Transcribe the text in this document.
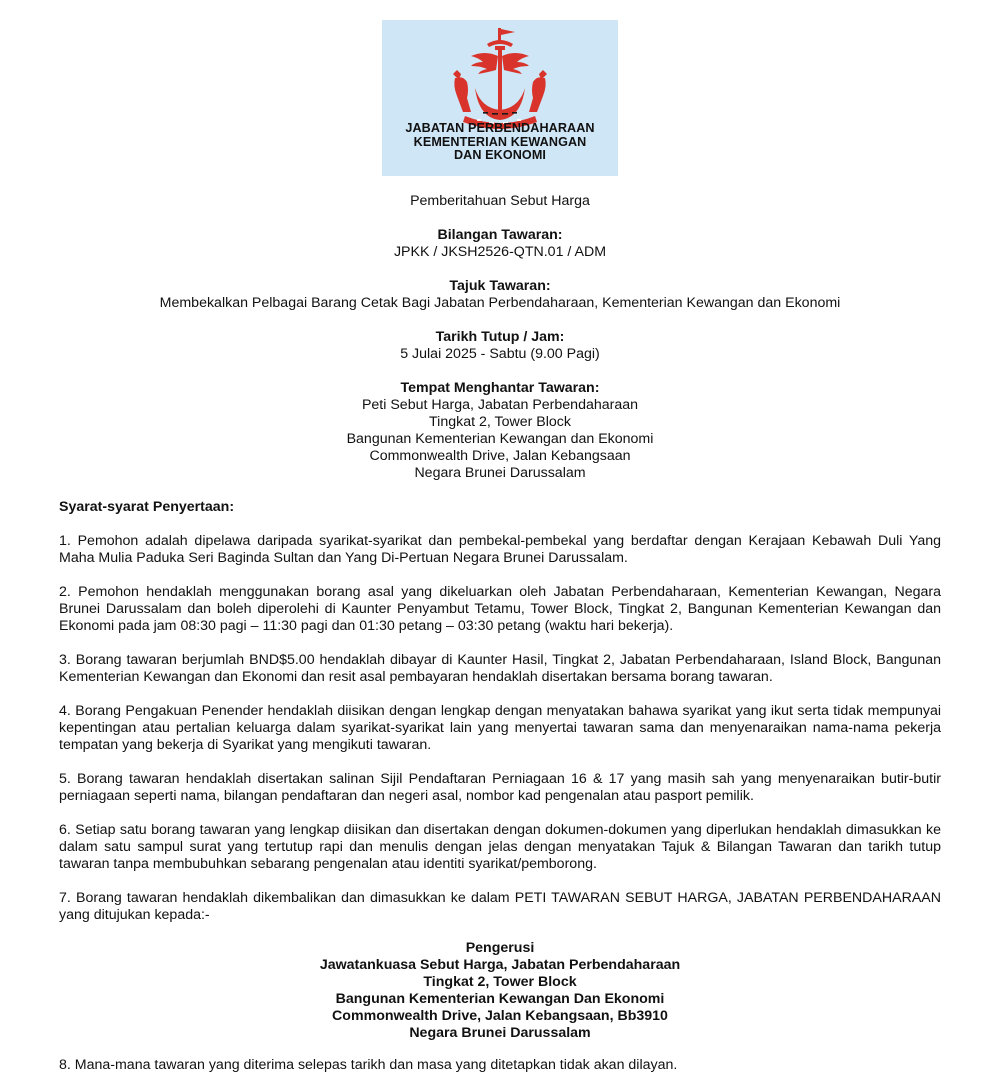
JABATAN PERBENDAHARAAN
KEMENTERIAN KEWANGAN
DAN EKONOMI
Pemberitahuan Sebut Harga
Bilangan Tawaran:
JPKK / JKSH2526-QTN.01 / ADM
Tajuk Tawaran:
Membekalkan Pelbagai Barang Cetak Bagi Jabatan Perbendaharaan, Kementerian Kewangan dan Ekonomi
Tarikh Tutup / Jam:
5 Julai 2025 - Sabtu (9.00 Pagi)
Tempat Menghantar Tawaran:
Peti Sebut Harga, Jabatan Perbendaharaan
Tingkat 2, Tower Block
Bangunan Kementerian Kewangan dan Ekonomi
Commonwealth Drive, Jalan Kebangsaan
Negara Brunei Darussalam
Syarat-syarat Penyertaan:
1. Pemohon adalah dipelawa daripada syarikat-syarikat dan pembekal-pembekal yang berdaftar dengan Kerajaan Kebawah Duli Yang Maha Mulia Paduka Seri Baginda Sultan dan Yang Di-Pertuan Negara Brunei Darussalam.
2. Pemohon hendaklah menggunakan borang asal yang dikeluarkan oleh Jabatan Perbendaharaan, Kementerian Kewangan, Negara Brunei Darussalam dan boleh diperolehi di Kaunter Penyambut Tetamu, Tower Block, Tingkat 2, Bangunan Kementerian Kewangan dan Ekonomi pada jam 08:30 pagi – 11:30 pagi dan 01:30 petang – 03:30 petang (waktu hari bekerja).
3. Borang tawaran berjumlah BND$5.00 hendaklah dibayar di Kaunter Hasil, Tingkat 2, Jabatan Perbendaharaan, Island Block, Bangunan Kementerian Kewangan dan Ekonomi dan resit asal pembayaran hendaklah disertakan bersama borang tawaran.
4. Borang Pengakuan Penender hendaklah diisikan dengan lengkap dengan menyatakan bahawa syarikat yang ikut serta tidak mempunyai kepentingan atau pertalian keluarga dalam syarikat-syarikat lain yang menyertai tawaran sama dan menyenaraikan nama-nama pekerja tempatan yang bekerja di Syarikat yang mengikuti tawaran.
5. Borang tawaran hendaklah disertakan salinan Sijil Pendaftaran Perniagaan 16 & 17 yang masih sah yang menyenaraikan butir-butir perniagaan seperti nama, bilangan pendaftaran dan negeri asal, nombor kad pengenalan atau pasport pemilik.
6. Setiap satu borang tawaran yang lengkap diisikan dan disertakan dengan dokumen-dokumen yang diperlukan hendaklah dimasukkan ke dalam satu sampul surat yang tertutup rapi dan menulis dengan jelas dengan menyatakan Tajuk & Bilangan Tawaran dan tarikh tutup tawaran tanpa membubuhkan sebarang pengenalan atau identiti syarikat/pemborong.
7. Borang tawaran hendaklah dikembalikan dan dimasukkan ke dalam PETI TAWARAN SEBUT HARGA, JABATAN PERBENDAHARAAN yang ditujukan kepada:-
Pengerusi
Jawatankuasa Sebut Harga, Jabatan Perbendaharaan
Tingkat 2, Tower Block
Bangunan Kementerian Kewangan Dan Ekonomi
Commonwealth Drive, Jalan Kebangsaan, Bb3910
Negara Brunei Darussalam
8. Mana-mana tawaran yang diterima selepas tarikh dan masa yang ditetapkan tidak akan dilayan.
